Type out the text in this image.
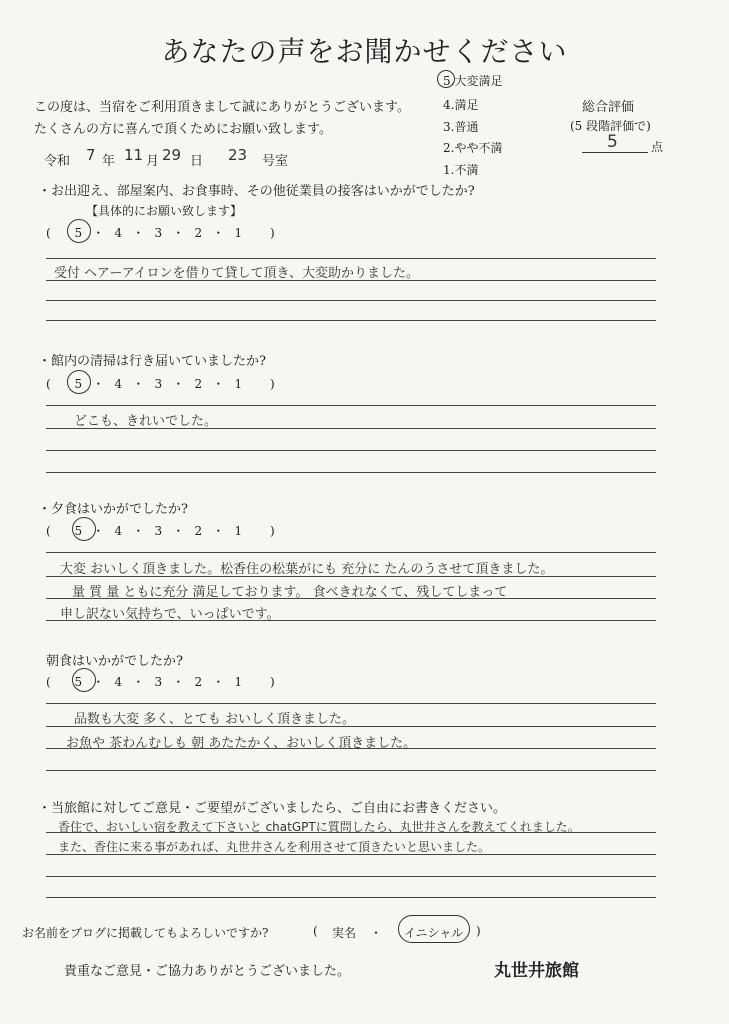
あなたの声をお聞かせください
この度は、当宿をご利用頂きまして誠にありがとうございます。
たくさんの方に喜んで頂くためにお願い致します。
5.大変満足
4.満足
3.普通
2.やや不満
1.不満
総合評価
(5 段階評価で)
5	点
令和 7 年 11 月 29 日 23 号室
・お出迎え、部屋案内、お食事時、その他従業員の接客はいかがでしたか?
【具体的にお願い致します】
( 5 ・ 4 ・ 3 ・ 2 ・ 1 )
受付 ヘアーアイロンを借りて貸して頂き、大変助かりました。
・館内の清掃は行き届いていましたか?
( 5 ・ 4 ・ 3 ・ 2 ・ 1 )
どこも、きれいでした。
・夕食はいかがでしたか?
( 5 ・ 4 ・ 3 ・ 2 ・ 1 )
大変 おいしく頂きました。松香住の松葉がにも 充分に たんのうさせて頂きました。
量 質 量 ともに充分 満足しております。 食べきれなくて、残してしまって
申し訳ない気持ちで、いっぱいです。
朝食はいかがでしたか?
( 5 ・ 4 ・ 3 ・ 2 ・ 1 )
品数も大変 多く、とても おいしく頂きました。
お魚や 茶わんむしも 朝 あたたかく、おいしく頂きました。
・当旅館に対してご意見・ご要望がございましたら、ご自由にお書きください。
香住で、おいしい宿を教えて下さいと chatGPTに質問したら、丸世井さんを教えてくれました。
また、香住に来る事があれば、丸世井さんを利用させて頂きたいと思いました。
お名前をブログに掲載してもよろしいですか?	( 実名 ・ イニシャル )
貴重なご意見・ご協力ありがとうございました。	丸世井旅館
